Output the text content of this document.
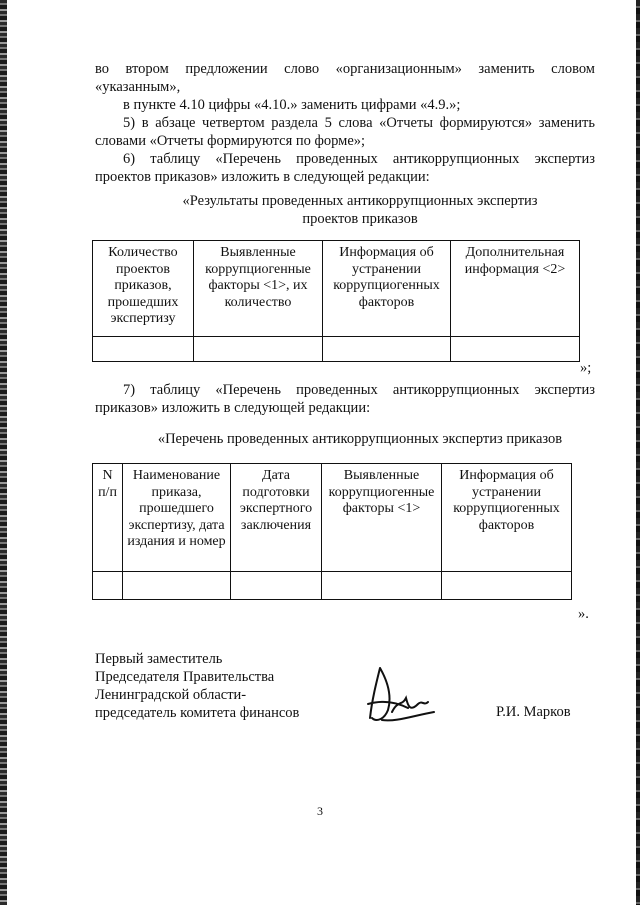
во втором предложении слово «организационным» заменить словом «указанным»,

в пункте 4.10 цифры «4.10.» заменить цифрами «4.9.»;

5) в абзаце четвертом раздела 5 слова «Отчеты формируются» заменить словами «Отчеты формируются по форме»;

6) таблицу «Перечень проведенных антикоррупционных экспертиз проектов приказов» изложить в следующей редакции:

«Результаты проведенных антикоррупционных экспертиз
проектов приказов
Количество проектов приказов, прошедших экспертизу	Выявленные коррупциогенные факторы <1>, их количество	Информация об устранении коррупциогенных факторов	Дополнительная информация <2>

»;

7) таблицу «Перечень проведенных антикоррупционных экспертиз приказов» изложить в следующей редакции:

«Перечень проведенных антикоррупционных экспертиз приказов
N п/п	Наименование приказа, прошедшего экспертизу, дата издания и номер	Дата подготовки экспертного заключения	Выявленные коррупциогенные факторы <1>	Информация об устранении коррупциогенных факторов

».
Первый заместитель
Председателя Правительства
Ленинградской области-
председатель комитета финансов	Р.И. Марков
3
